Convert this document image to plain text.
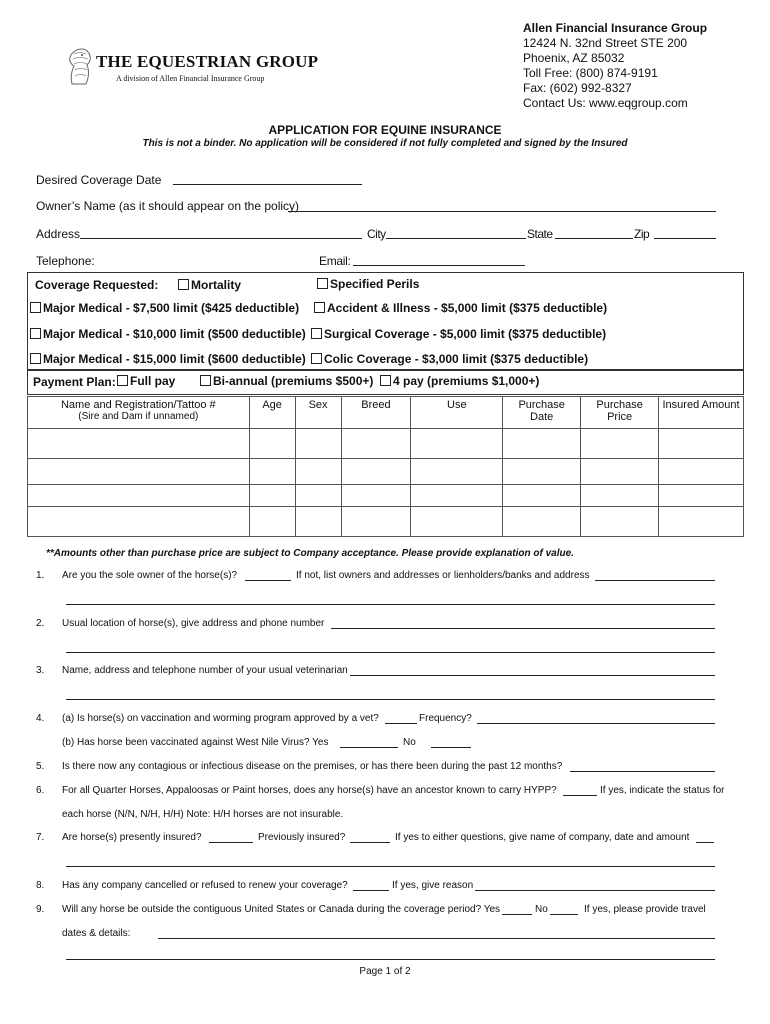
THE EQUESTRIAN GROUP
A division of Allen Financial Insurance Group
Allen Financial Insurance Group
12424 N. 32nd Street STE 200
Phoenix, AZ 85032
Toll Free: (800) 874-9191
Fax: (602) 992-8327
Contact Us: www.eqgroup.com
APPLICATION FOR EQUINE INSURANCE
This is not a binder. No application will be considered if not fully completed and signed by the Insured
Desired Coverage Date
Owner’s Name (as it should appear on the policy)
Address	City	State	Zip
Telephone:	Email:
Coverage Requested:	Mortality	Specified Perils
Major Medical - $7,500 limit ($425 deductible)	Accident & Illness - $5,000 limit ($375 deductible)
Major Medical - $10,000 limit ($500 deductible)	Surgical Coverage - $5,000 limit ($375 deductible)
Major Medical - $15,000 limit ($600 deductible)	Colic Coverage - $3,000 limit ($375 deductible)
Payment Plan:	Full pay	Bi-annual (premiums $500+)	4 pay (premiums $1,000+)
Name and Registration/Tattoo #
(Sire and Dam if unnamed)	Age	Sex	Breed	Use	Purchase Date	Purchase Price	Insured Amount

**Amounts other than purchase price are subject to Company acceptance. Please provide explanation of value.
1. Are you the sole owner of the horse(s)?	If not, list owners and addresses or lienholders/banks and address
2. Usual location of horse(s), give address and phone number
3. Name, address and telephone number of your usual veterinarian
4. (a) Is horse(s) on vaccination and worming program approved by a vet?	Frequency?
(b) Has horse been vaccinated against West Nile Virus? Yes	No
5. Is there now any contagious or infectious disease on the premises, or has there been during the past 12 months?
6. For all Quarter Horses, Appaloosas or Paint horses, does any horse(s) have an ancestor known to carry HYPP?	If yes, indicate the status for
each horse (N/N, N/H, H/H) Note: H/H horses are not insurable.
7. Are horse(s) presently insured?	Previously insured?	If yes to either questions, give name of company, date and amount
8. Has any company cancelled or refused to renew your coverage?	If yes, give reason
9. Will any horse be outside the contiguous United States or Canada during the coverage period? Yes	No	If yes, please provide travel
dates & details:
Page 1 of 2
